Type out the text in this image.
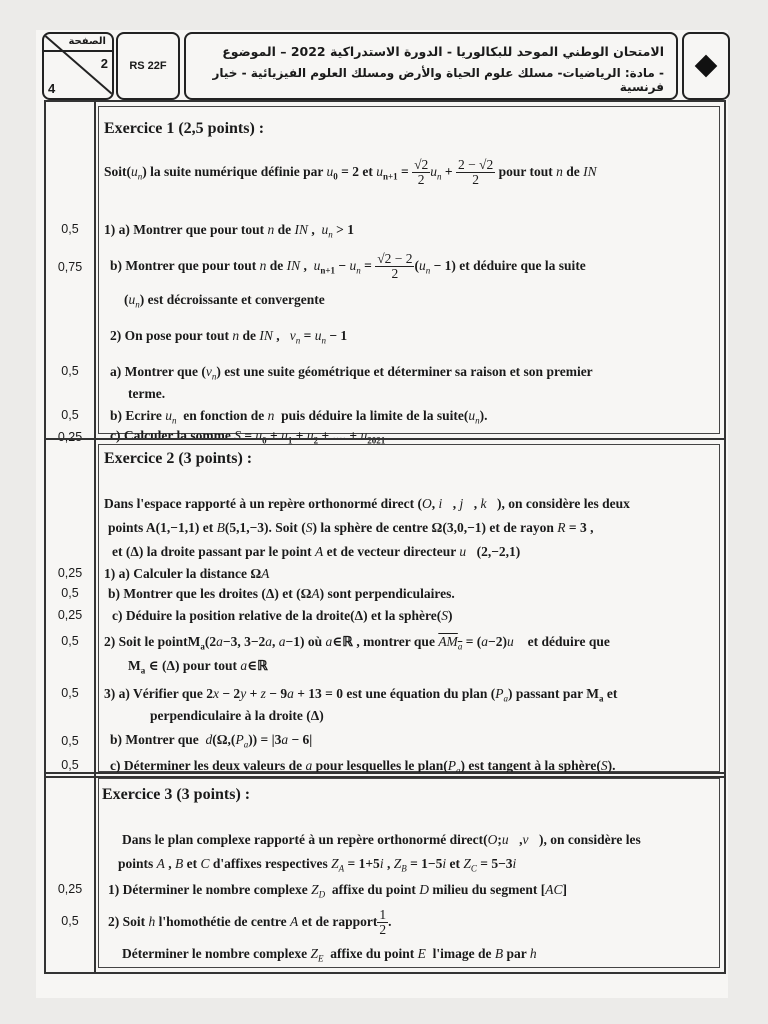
الصفحة
2
4
RS 22F
الامتحان الوطني الموحد للبكالوريا - الدورة الاستدراكية 2022 – الموضوع
- مادة: الرياضيات- مسلك علوم الحياة والأرض ومسلك العلوم الفيزيائية - خيار فرنسية
Exercice 1 (2,5 points) :
$Soit(u_n)$ la suite numérique définie par $u_0 = 2$ et $u_{n+1} = \frac{√2}{2} u_n + \frac{2 - √2}{2}$ pour tout n de IN
0,5	1) a) Montrer que pour tout n de IN ,  $u_n > 1$
0,75	b) Montrer que pour tout n de IN ,  $u_{n+1} - u_n = \frac{√2 - 2}{2} (u_n - 1)$ et déduire que la suite
$(u_n)$ est décroissante et convergente
2) On pose pour tout n de IN ,   $v_n = u_n - 1$
0,5	a) Montrer que $(v_n)$ est une suite géométrique et déterminer sa raison et son premier
terme.
0,5	b) Ecrire $u_n$ en fonction de n puis déduire la limite de la $suite(u_n)$.
0,25	c) Calculer la somme $S = u_0 + u_1 + u_2$ + .... + $u_{2021}$
Exercice 2 (3 points) :
Dans l'espace rapporté à un repère orthonormé direct (O, i⃗, j⃗, k⃗), on considère les deux
points A(1,−1,1) et B(5,1,−3). Soit (S) la sphère de centre Ω(3,0,−1) et de rayon R = 3 ,
et (Δ) la droite passant par le point A et de vecteur directeur u⃗(2,−2,1)
0,25	1) a) Calculer la distance ΩA
0,5	b) Montrer que les droites (Δ) et (ΩA) sont perpendiculaires.
0,25	c) Déduire la position relative de la droite(Δ) et la sphère(S)
0,5	2) Soit le pointM$_a$(2a−3, 3−2a, a−1) où a∈ℝ , montrer que $AM_a$ = (a−2)u⃗ et déduire que
$M_a$ ∈ (Δ) pour tout a∈ℝ
0,5	3) a) Vérifier que 2x − 2y + z − 9a + 13 = 0 est une équation du plan $(P_a)$ passant par $M_a$ et
perpendiculaire à la droite (Δ)
0,5	b) Montrer que $d(\Omega,(P_a)) = |3a - 6|$
0,5	c) Déterminer les deux valeurs de a pour lesquelles le $plan(P_a)$ est tangent à la sphère(S).
Exercice 3 (3 points) :
Dans le plan complexe rapporté à un repère orthonormé direct(O;u⃗,v⃗), on considère les
points A , B et C d'affixes respectives $Z_A = 1+5i$ , $Z_B = 1-5i$ et $Z_C = 5-3i$
0,25	1) Déterminer le nombre complexe $Z_D$ affixe du point D milieu du segment [AC]
0,5	2) Soit h l'homothétie de centre A et de rapport $\frac{1}{2}$ .
Déterminer le nombre complexe $Z_E$ affixe du point E l'image de B par h
